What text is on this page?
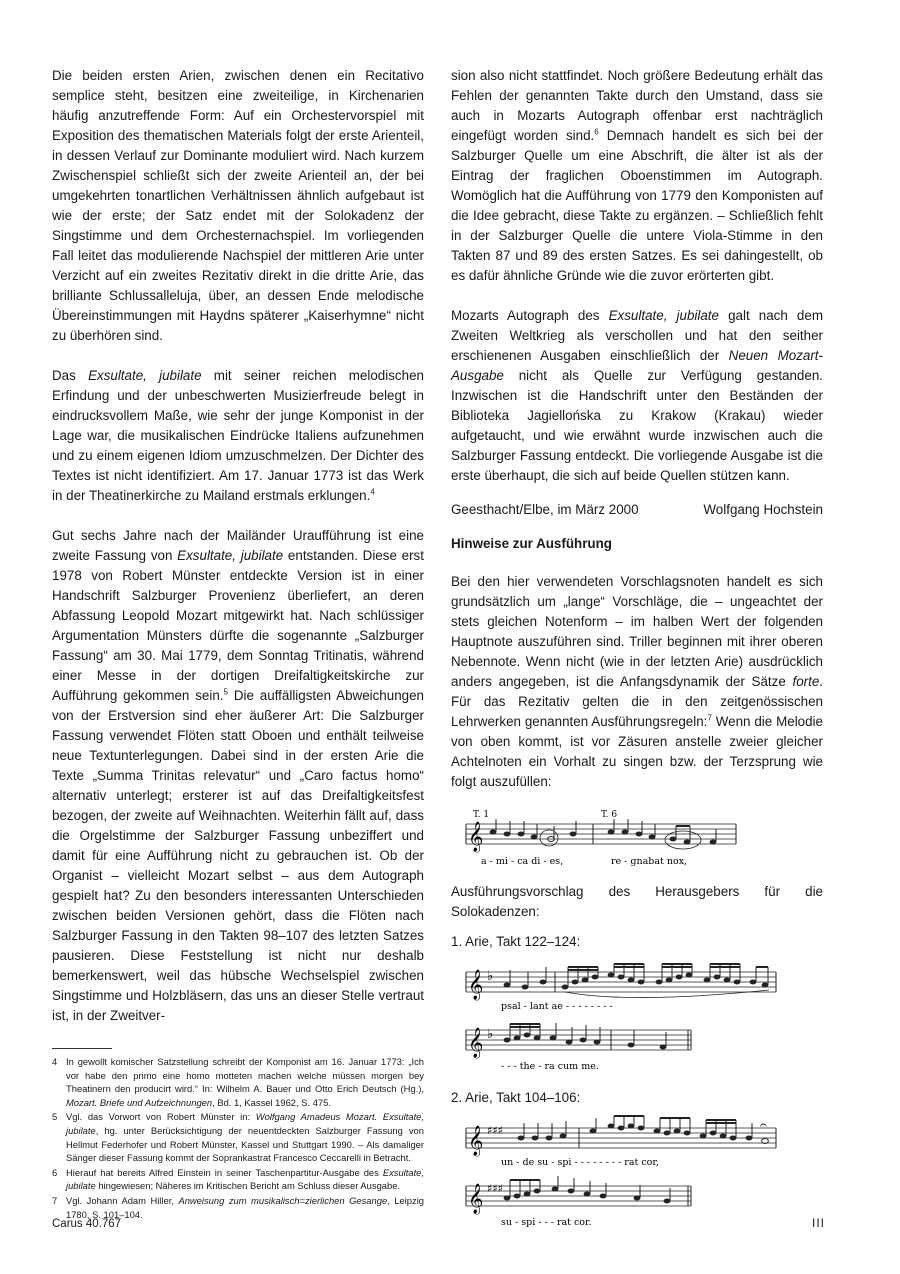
Die beiden ersten Arien, zwischen denen ein Recitativo semplice steht, besitzen eine zweiteilige, in Kirchenarien häufig anzutreffende Form: Auf ein Orchestervorspiel mit Exposition des thematischen Materials folgt der erste Arienteil, in dessen Verlauf zur Dominante moduliert wird. Nach kurzem Zwischenspiel schließt sich der zweite Arienteil an, der bei umgekehrten tonartlichen Verhältnissen ähnlich aufgebaut ist wie der erste; der Satz endet mit der Solokadenz der Singstimme und dem Orchesternachspiel. Im vorliegenden Fall leitet das modulierende Nachspiel der mittleren Arie unter Verzicht auf ein zweites Rezitativ direkt in die dritte Arie, das brilliante Schlussalleluja, über, an dessen Ende melodische Übereinstimmungen mit Haydns späterer „Kaiserhymne“ nicht zu überhören sind.

Das Exsultate, jubilate mit seiner reichen melodischen Erfindung und der unbeschwerten Musizierfreude belegt in eindrucksvollem Maße, wie sehr der junge Komponist in der Lage war, die musikalischen Eindrücke Italiens aufzunehmen und zu einem eigenen Idiom umzuschmelzen. Der Dichter des Textes ist nicht identifiziert. Am 17. Januar 1773 ist das Werk in der Theatinerkirche zu Mailand erstmals erklungen.$^4$

Gut sechs Jahre nach der Mailänder Uraufführung ist eine zweite Fassung von Exsultate, jubilate entstanden. Diese erst 1978 von Robert Münster entdeckte Version ist in einer Handschrift Salzburger Provenienz überliefert, an deren Abfassung Leopold Mozart mitgewirkt hat. Nach schlüssiger Argumentation Münsters dürfte die sogenannte „Salzburger Fassung“ am 30. Mai 1779, dem Sonntag Tritinatis, während einer Messe in der dortigen Dreifaltigkeitskirche zur Aufführung gekommen sein.$^5$ Die auffälligsten Abweichungen von der Erstversion sind eher äußerer Art: Die Salzburger Fassung verwendet Flöten statt Oboen und enthält teilweise neue Textunterlegungen. Dabei sind in der ersten Arie die Texte „Summa Trinitas relevatur“ und „Caro factus homo“ alternativ unterlegt; ersterer ist auf das Dreifaltigkeitsfest bezogen, der zweite auf Weihnachten. Weiterhin fällt auf, dass die Orgelstimme der Salzburger Fassung unbeziffert und damit für eine Aufführung nicht zu gebrauchen ist. Ob der Organist – vielleicht Mozart selbst – aus dem Autograph gespielt hat? Zu den besonders interessanten Unterschieden zwischen beiden Versionen gehört, dass die Flöten nach Salzburger Fassung in den Takten 98–107 des letzten Satzes pausieren. Diese Feststellung ist nicht nur deshalb bemerkenswert, weil das hübsche Wechselspiel zwischen Singstimme und Holzbläsern, das uns an dieser Stelle vertraut ist, in der Zweitver-

4 In gewollt komischer Satzstellung schreibt der Komponist am 16. Januar 1773: „Ich vor habe den primo eine homo motteten machen welche müssen morgen bey Theatinern den producirt wird.“ In: Wilhelm A. Bauer und Otto Erich Deutsch (Hg.), Mozart. Briefe und Aufzeichnungen, Bd. 1, Kassel 1962, S. 475.
5 Vgl. das Vorwort von Robert Münster in: Wolfgang Amadeus Mozart. Exsultate, jubilate, hg. unter Berücksichtigung der neuentdeckten Salzburger Fassung von Hellmut Federhofer und Robert Münster, Kassel und Stuttgart 1990. – Als damaliger Sänger dieser Fassung kommt der Soprankastrat Francesco Ceccarelli in Betracht.
6 Hierauf hat bereits Alfred Einstein in seiner Taschenpartitur-Ausgabe des Exsultate, jubilate hingewiesen; Näheres im Kritischen Bericht am Schluss dieser Ausgabe.
7 Vgl. Johann Adam Hiller, Anweisung zum musikalisch=zierlichen Gesange, Leipzig 1780, S. 101–104.

sion also nicht stattfindet. Noch größere Bedeutung erhält das Fehlen der genannten Takte durch den Umstand, dass sie auch in Mozarts Autograph offenbar erst nachträglich eingefügt worden sind.$^6$ Demnach handelt es sich bei der Salzburger Quelle um eine Abschrift, die älter ist als der Eintrag der fraglichen Oboenstimmen im Autograph. Womöglich hat die Aufführung von 1779 den Komponisten auf die Idee gebracht, diese Takte zu ergänzen. – Schließlich fehlt in der Salzburger Quelle die untere Viola-Stimme in den Takten 87 und 89 des ersten Satzes. Es sei dahingestellt, ob es dafür ähnliche Gründe wie die zuvor erörterten gibt.

Mozarts Autograph des Exsultate, jubilate galt nach dem Zweiten Weltkrieg als verschollen und hat den seither erschienenen Ausgaben einschließlich der Neuen Mozart-Ausgabe nicht als Quelle zur Verfügung gestanden. Inzwischen ist die Handschrift unter den Beständen der Biblioteka Jagiellońska zu Krakow (Krakau) wieder aufgetaucht, und wie erwähnt wurde inzwischen auch die Salzburger Fassung entdeckt. Die vorliegende Ausgabe ist die erste überhaupt, die sich auf beide Quellen stützen kann.

Geesthacht/Elbe, im März 2000	Wolfgang Hochstein
Hinweise zur Ausführung

Bei den hier verwendeten Vorschlagsnoten handelt es sich grundsätzlich um „lange“ Vorschläge, die – ungeachtet der stets gleichen Notenform – im halben Wert der folgenden Hauptnote auszuführen sind. Triller beginnen mit ihrer oberen Nebennote. Wenn nicht (wie in der letzten Arie) ausdrücklich anders angegeben, ist die Anfangsdynamik der Sätze forte. Für das Rezitativ gelten die in den zeitgenössischen Lehrwerken genannten Ausführungsregeln:$^7$ Wenn die Melodie von oben kommt, ist vor Zäsuren anstelle zweier gleicher Achtelnoten ein Vorhalt zu singen bzw. der Terzsprung wie folgt auszufüllen:

𝄞
T. 1	T. 6
a - mi - ca di - es,	re - gnabat nox,

Ausführungsvorschlag des Herausgebers für die Solokadenzen:

1. Arie, Takt 122–124:
𝄞
𝄞
♭
♭
psal - lant ae - - - - - - - -
- - - the - ra cum me.
2. Arie, Takt 104–106:
𝄞
𝄞
♯♯♯
♯♯♯
𝄐
un - de su - spi - - - - - - - - rat cor,
su - spi - - - rat cor.
Carus 40.767	III
